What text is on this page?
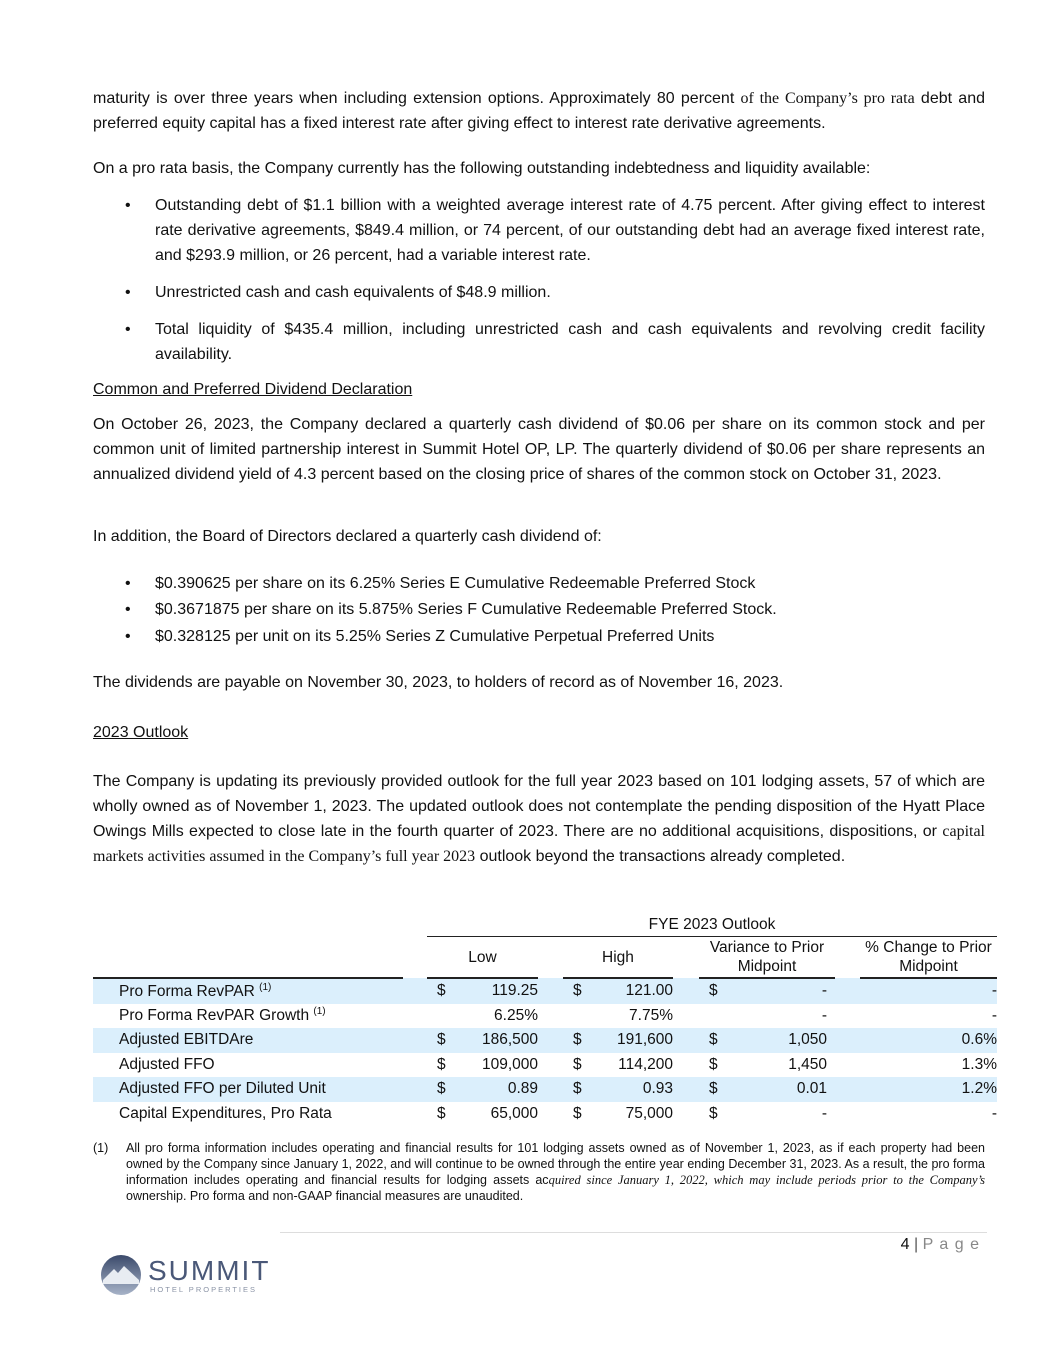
maturity is over three years when including extension options. Approximately 80 percent of the Company’s pro rata debt and preferred equity capital has a fixed interest rate after giving effect to interest rate derivative agreements.
On a pro rata basis, the Company currently has the following outstanding indebtedness and liquidity available:
• Outstanding debt of $1.1 billion with a weighted average interest rate of 4.75 percent. After giving effect to interest rate derivative agreements, $849.4 million, or 74 percent, of our outstanding debt had an average fixed interest rate, and $293.9 million, or 26 percent, had a variable interest rate.
• Unrestricted cash and cash equivalents of $48.9 million.
• Total liquidity of $435.4 million, including unrestricted cash and cash equivalents and revolving credit facility availability.
Common and Preferred Dividend Declaration
On October 26, 2023, the Company declared a quarterly cash dividend of $0.06 per share on its common stock and per common unit of limited partnership interest in Summit Hotel OP, LP. The quarterly dividend of $0.06 per share represents an annualized dividend yield of 4.3 percent based on the closing price of shares of the common stock on October 31, 2023.
In addition, the Board of Directors declared a quarterly cash dividend of:
• $0.390625 per share on its 6.25% Series E Cumulative Redeemable Preferred Stock
• $0.3671875 per share on its 5.875% Series F Cumulative Redeemable Preferred Stock.
• $0.328125 per unit on its 5.25% Series Z Cumulative Perpetual Preferred Units
The dividends are payable on November 30, 2023, to holders of record as of November 16, 2023.
2023 Outlook
The Company is updating its previously provided outlook for the full year 2023 based on 101 lodging assets, 57 of which are wholly owned as of November 1, 2023. The updated outlook does not contemplate the pending disposition of the Hyatt Place Owings Mills expected to close late in the fourth quarter of 2023. There are no additional acquisitions, dispositions, or capital markets activities assumed in the Company’s full year 2023 outlook beyond the transactions already completed.
		FYE 2023 Outlook									
		Low			High			Variance to Prior Midpoint			% Change to Prior Midpoint
Pro Forma RevPAR $^{(1)}$		$	119.25		$	121.00		$	-		-
Pro Forma RevPAR Growth $^{(1)}$			6.25%			7.75%			-		-
Adjusted EBITDAre		$	186,500		$	191,600		$	1,050		0.6%
Adjusted FFO		$	109,000		$	114,200		$	1,450		1.3%
Adjusted FFO per Diluted Unit		$	0.89		$	0.93		$	0.01		1.2%
Capital Expenditures, Pro Rata		$	65,000		$	75,000		$	-		-
(1) All pro forma information includes operating and financial results for 101 lodging assets owned as of November 1, 2023, as if each property had been owned by the Company since January 1, 2022, and will continue to be owned through the entire year ending December 31, 2023. As a result, the pro forma information includes operating and financial results for lodging assets acquired since January 1, 2022, which may include periods prior to the Company’s ownership. Pro forma and non-GAAP financial measures are unaudited.
4 | P a g e
SUMMIT
HOTEL PROPERTIES
